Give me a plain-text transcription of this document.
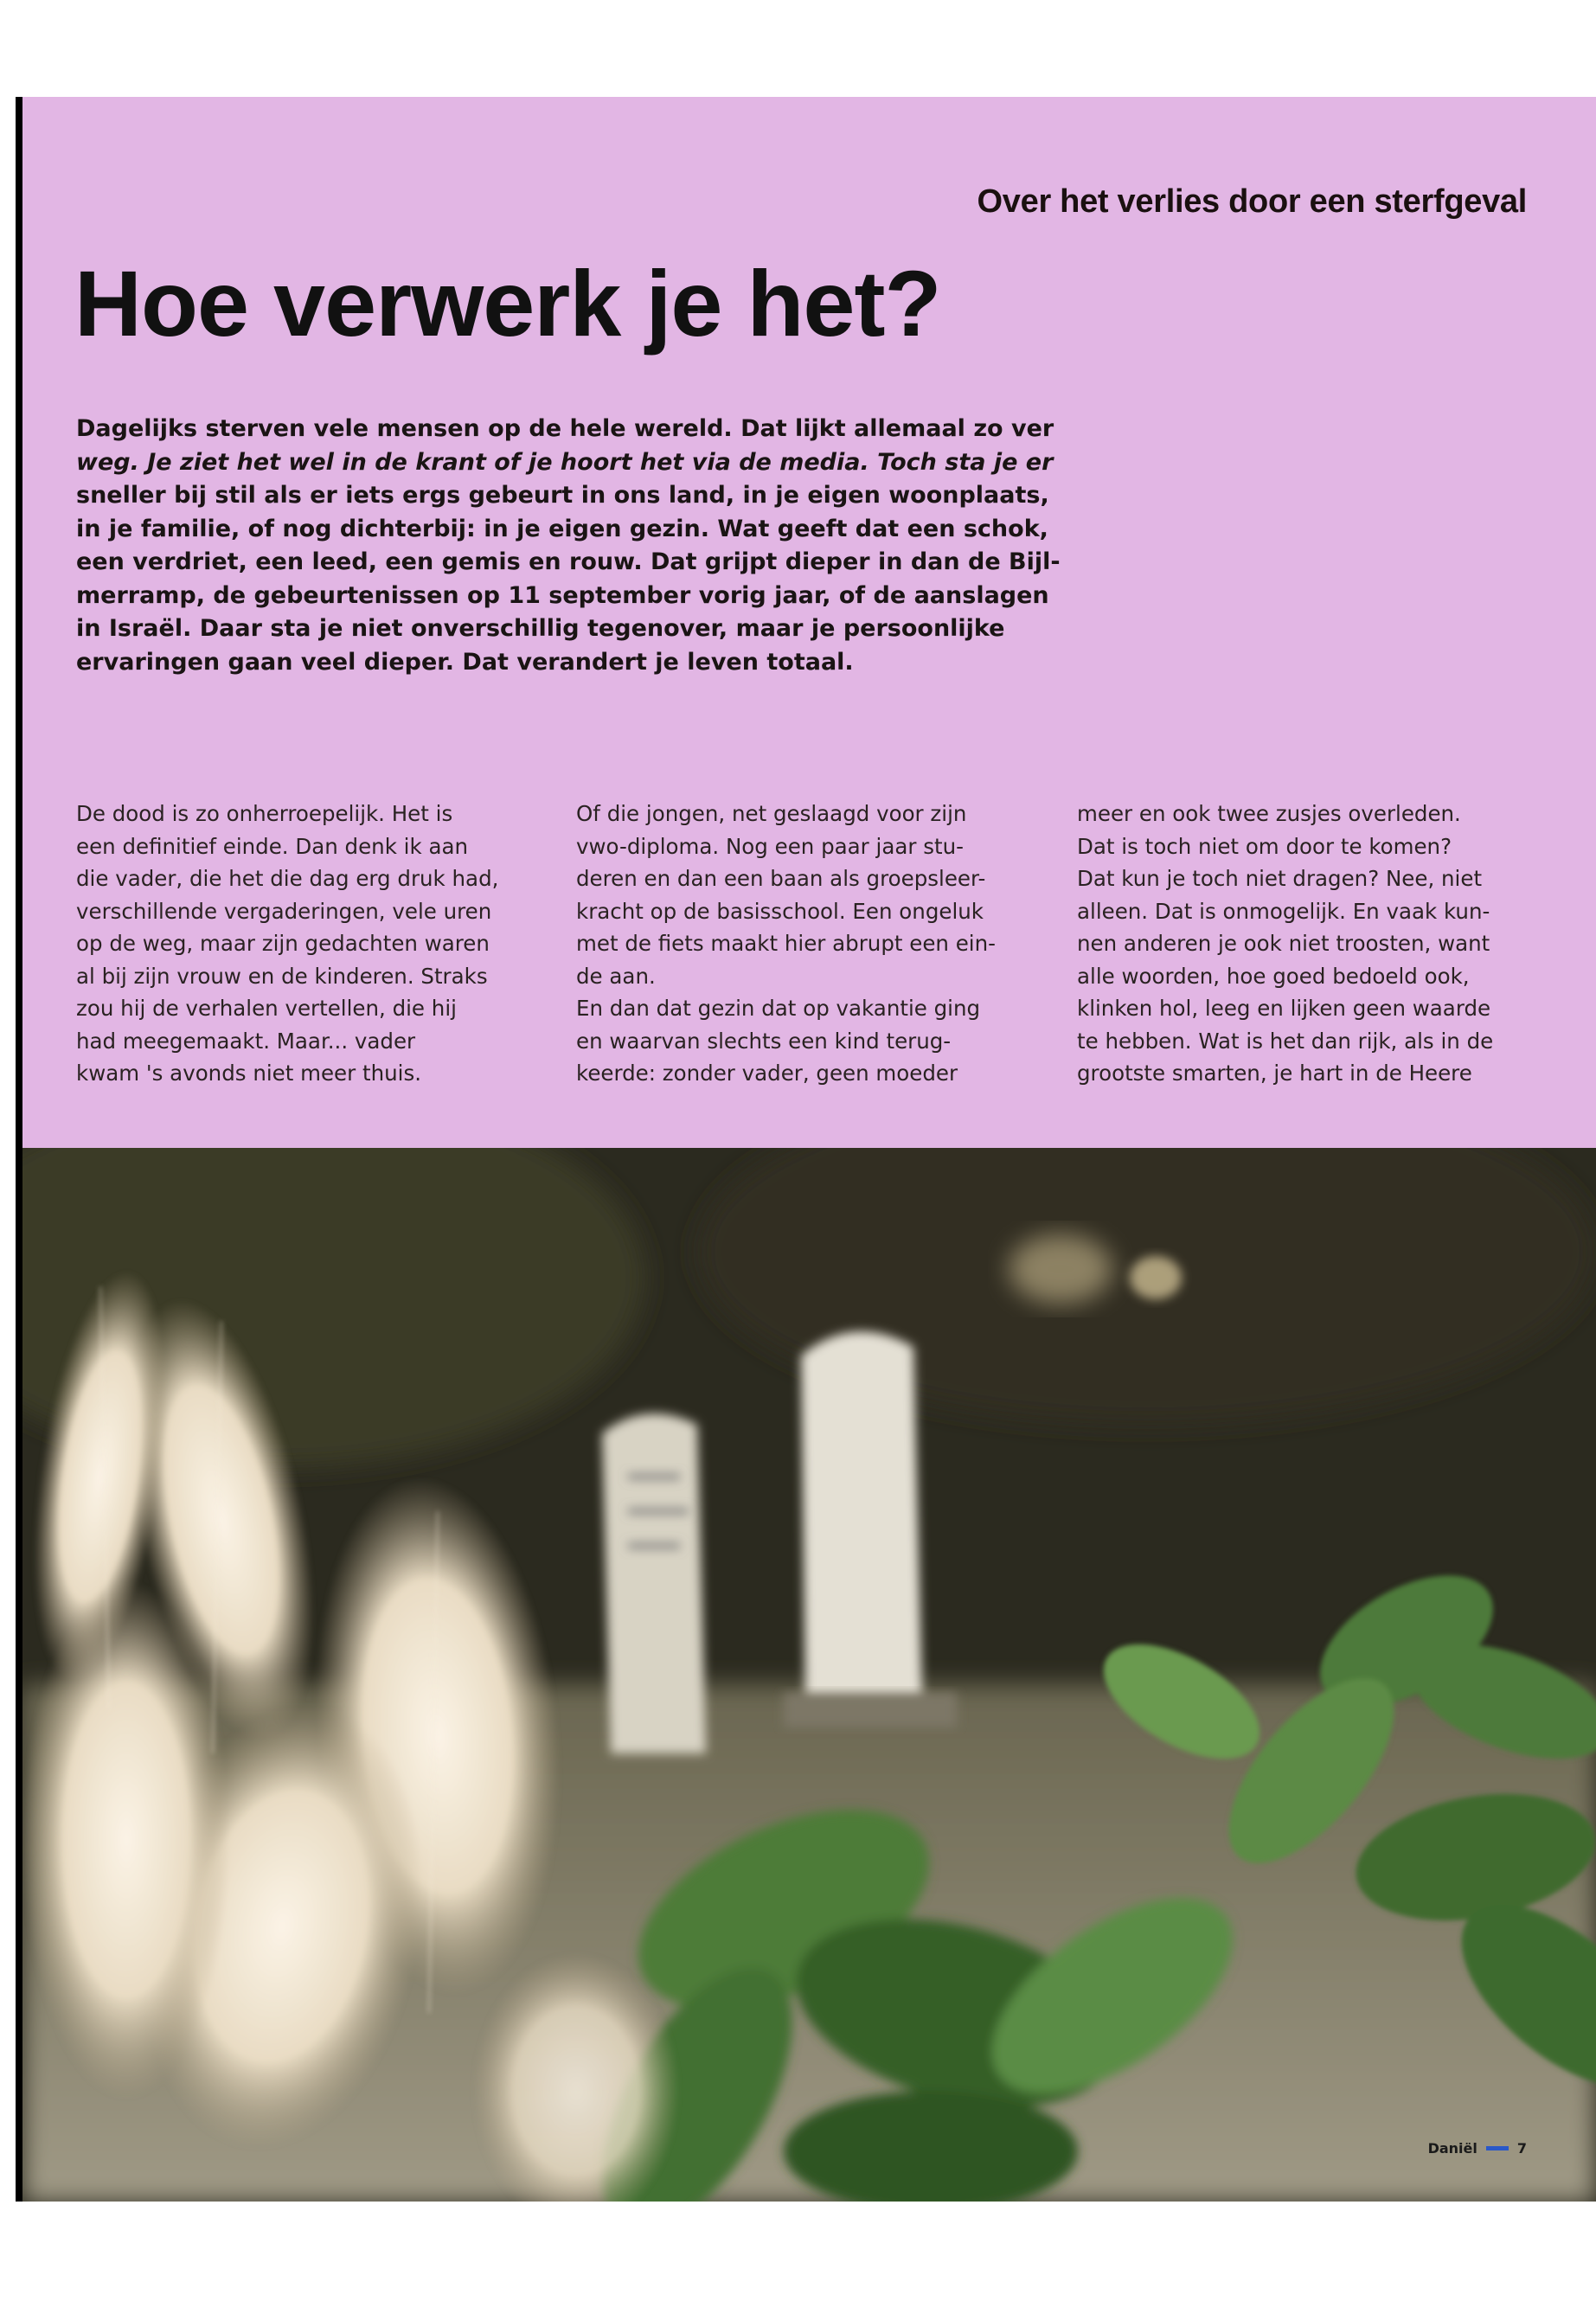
Over het verlies door een sterfgeval
Hoe verwerk je het?
Dagelijks sterven vele mensen op de hele wereld. Dat lijkt allemaal zo ver
weg. Je ziet het wel in de krant of je hoort het via de media. Toch sta je er
sneller bij stil als er iets ergs gebeurt in ons land, in je eigen woonplaats,
in je familie, of nog dichterbij: in je eigen gezin. Wat geeft dat een schok,
een verdriet, een leed, een gemis en rouw. Dat grijpt dieper in dan de Bijl-
merramp, de gebeurtenissen op 11 september vorig jaar, of de aanslagen
in Israël. Daar sta je niet onverschillig tegenover, maar je persoonlijke
ervaringen gaan veel dieper. Dat verandert je leven totaal.
De dood is zo onherroepelijk. Het is
een definitief einde. Dan denk ik aan
die vader, die het die dag erg druk had,
verschillende vergaderingen, vele uren
op de weg, maar zijn gedachten waren
al bij zijn vrouw en de kinderen. Straks
zou hij de verhalen vertellen, die hij
had meegemaakt. Maar... vader
kwam 's avonds niet meer thuis.
Of die jongen, net geslaagd voor zijn
vwo-diploma. Nog een paar jaar stu-
deren en dan een baan als groepsleer-
kracht op de basisschool. Een ongeluk
met de fiets maakt hier abrupt een ein-
de aan.
En dan dat gezin dat op vakantie ging
en waarvan slechts een kind terug-
keerde: zonder vader, geen moeder
meer en ook twee zusjes overleden.
Dat is toch niet om door te komen?
Dat kun je toch niet dragen? Nee, niet
alleen. Dat is onmogelijk. En vaak kun-
nen anderen je ook niet troosten, want
alle woorden, hoe goed bedoeld ook,
klinken hol, leeg en lijken geen waarde
te hebben. Wat is het dan rijk, als in de
grootste smarten, je hart in de Heere
Daniël	7
